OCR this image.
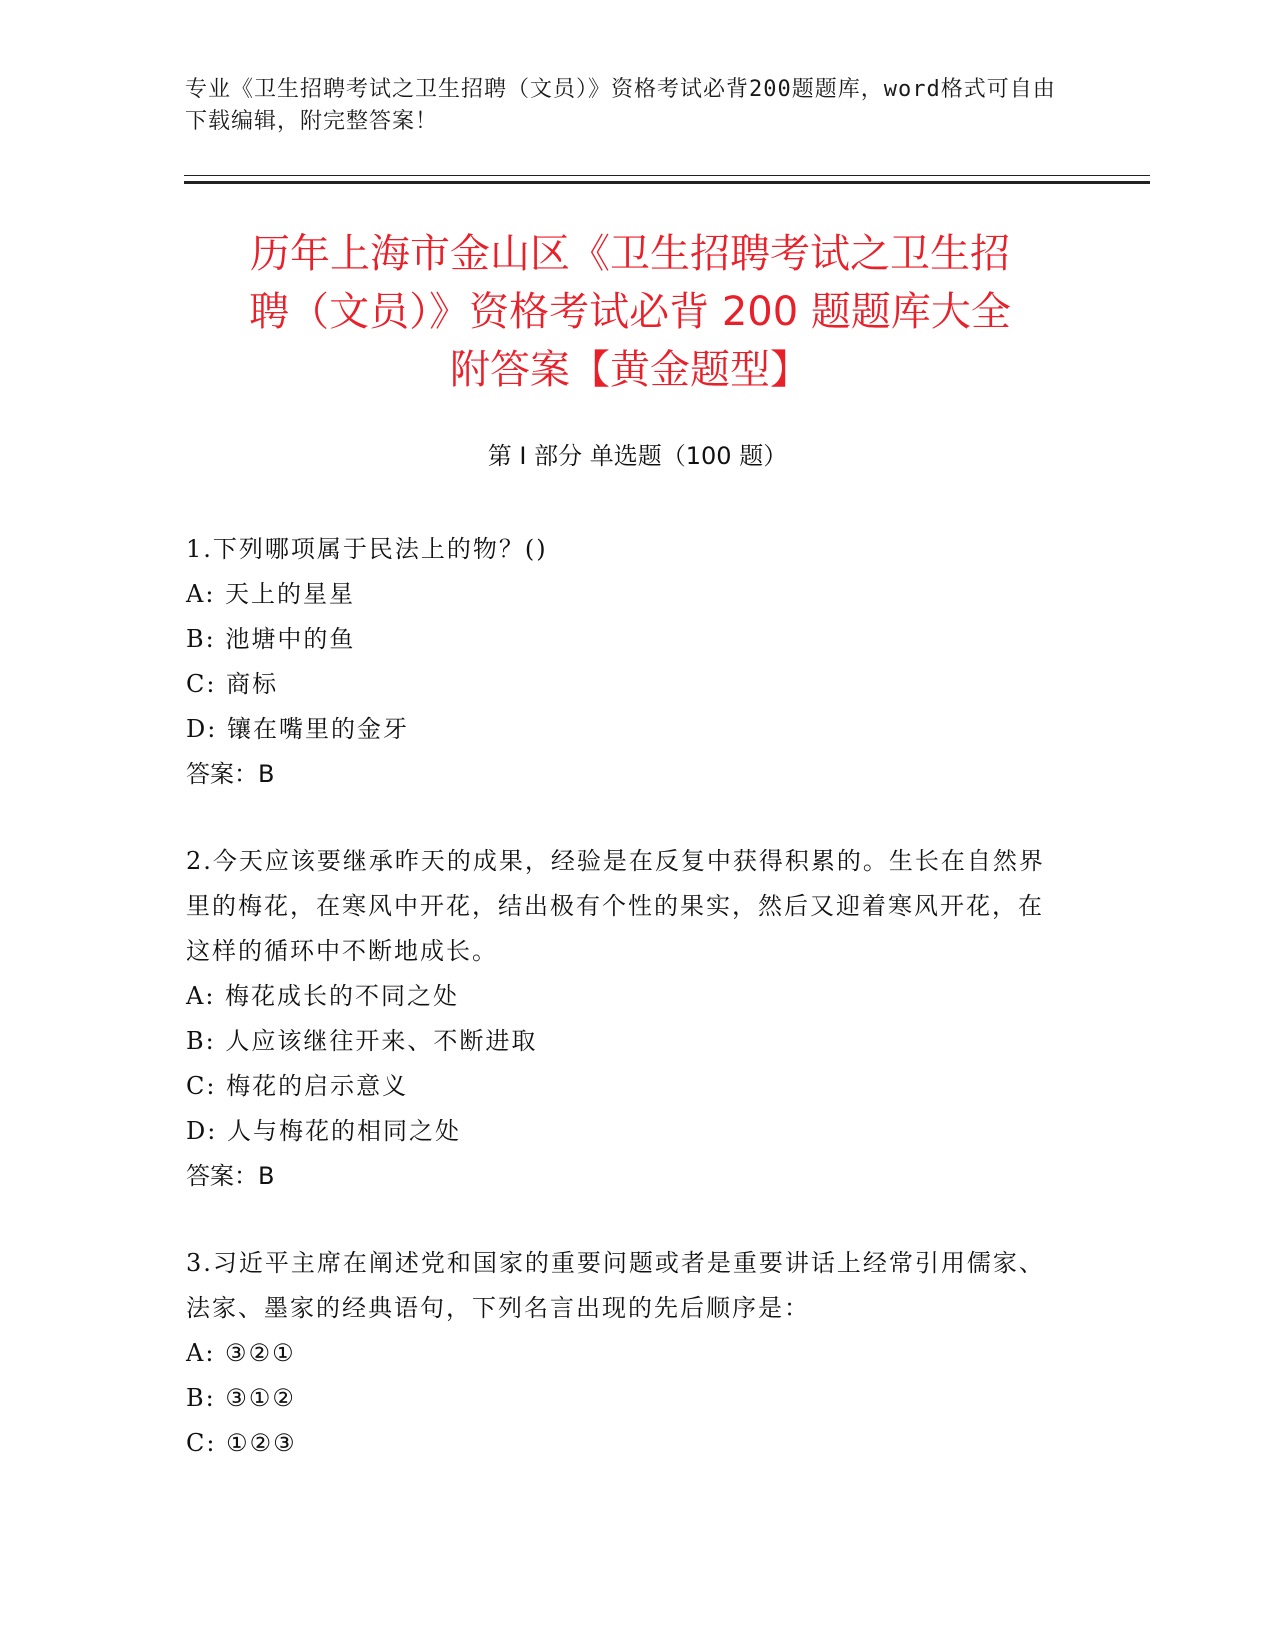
专业《卫生招聘考试之卫生招聘（文员）》资格考试必背200题题库，word格式可自由下载编辑，附完整答案！
历年上海市金山区《卫生招聘考试之卫生招
聘（文员）》资格考试必背 200 题题库大全
附答案【黄金题型】
第 I 部分 单选题（100 题）

1.下列哪项属于民法上的物？()

A: 天上的星星

B: 池塘中的鱼

C: 商标

D: 镶在嘴里的金牙

答案：B

2.今天应该要继承昨天的成果，经验是在反复中获得积累的。生长在自然界里的梅花，在寒风中开花，结出极有个性的果实，然后又迎着寒风开花，在这样的循环中不断地成长。

A: 梅花成长的不同之处

B: 人应该继往开来、不断进取

C: 梅花的启示意义

D: 人与梅花的相同之处

答案：B

3.习近平主席在阐述党和国家的重要问题或者是重要讲话上经常引用儒家、法家、墨家的经典语句，下列名言出现的先后顺序是：

A: ③②①

B: ③①②

C: ①②③
